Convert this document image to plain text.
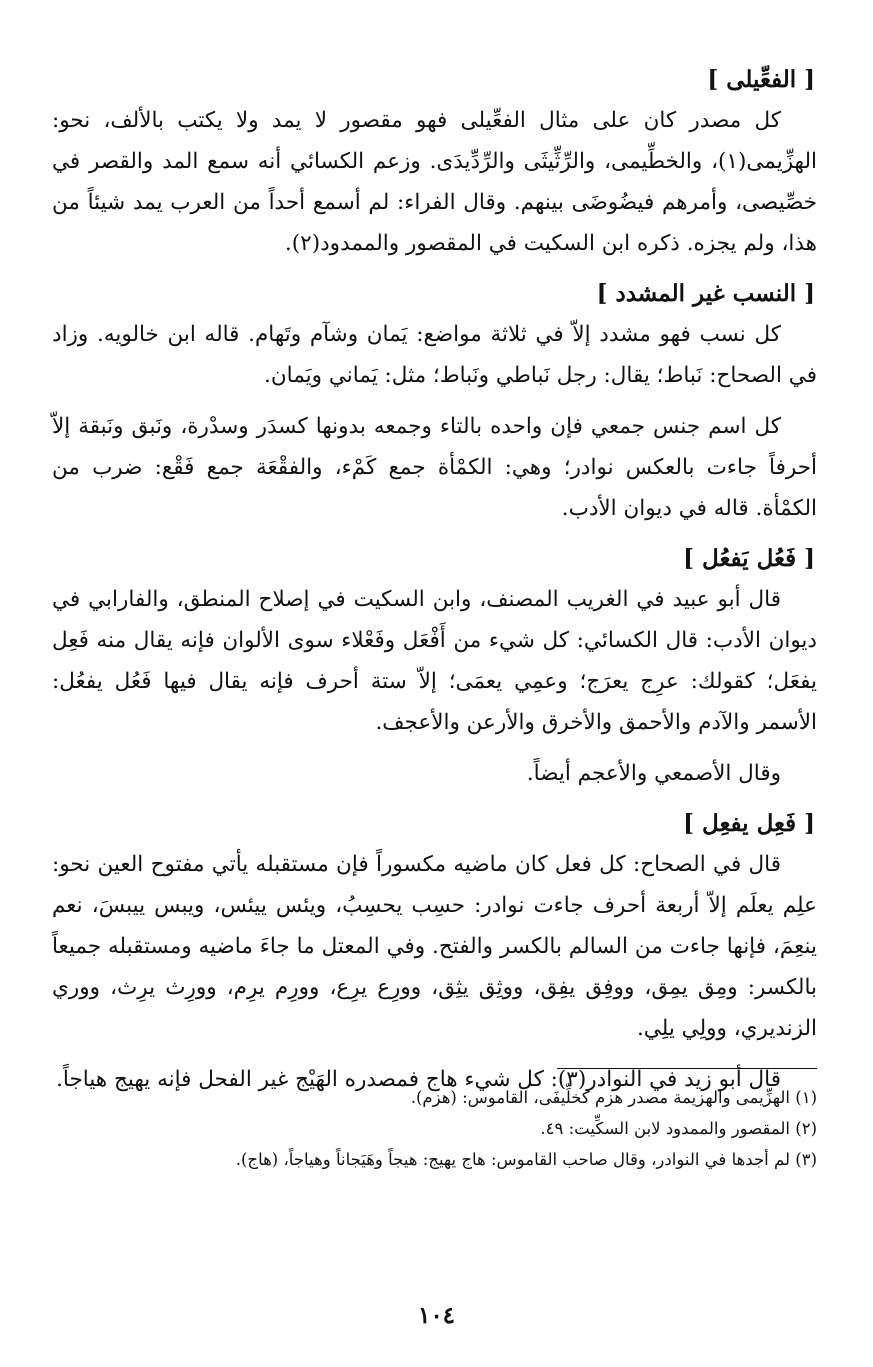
[ الفعِّيلى ]

كل مصدر كان على مثال الفعِّيلى فهو مقصور لا يمد ولا يكتب بالألف، نحو: الهزِّيمى(١)، والخطِّيمى، والرِّثِّيثَى والرِّدِّيدَى. وزعم الكسائي أنه سمع المد والقصر في خصِّيصى، وأمرهم فيضُوضَى بينهم. وقال الفراء: لم أسمع أحداً من العرب يمد شيئاً من هذا، ولم يجزه. ذكره ابن السكيت في المقصور والممدود(٢).

[ النسب غير المشدد ]

كل نسب فهو مشدد إلاّ في ثلاثة مواضع: يَمان وشآم وتَهام. قاله ابن خالويه. وزاد في الصحاح: نَباط؛ يقال: رجل نَباطي ونَباط؛ مثل: يَماني ويَمان.

كل اسم جنس جمعي فإن واحده بالتاء وجمعه بدونها كسدَر وسدْرة، ونَبق ونَبقة إلاّ أحرفاً جاءت بالعكس نوادر؛ وهي: الكمْأة جمع كَمْء، والفقْعَة جمع فَقْع: ضرب من الكمْأة. قاله في ديوان الأدب.

[ فَعُل يَفعُل ]

قال أبو عبيد في الغريب المصنف، وابن السكيت في إصلاح المنطق، والفارابي في ديوان الأدب: قال الكسائي: كل شيء من أَفْعَل وفَعْلاء سوى الألوان فإنه يقال منه فَعِل يفعَل؛ كقولك: عرِج يعرَج؛ وعمِي يعمَى؛ إلاّ ستة أحرف فإنه يقال فيها فَعُل يفعُل: الأسمر والآدم والأحمق والأخرق والأرعن والأعجف.

وقال الأصمعي والأعجم أيضاً.

[ فَعِل يفعِل ]

قال في الصحاح: كل فعل كان ماضيه مكسوراً فإن مستقبله يأتي مفتوح العين نحو: علِم يعلَم إلاّ أربعة أحرف جاءت نوادر: حسِب يحسِبُ، ويئس ييئس، ويبس ييبسَ، نعم ينعِمَ، فإنها جاءت من السالم بالكسر والفتح. وفي المعتل ما جاءَ ماضيه ومستقبله جميعاً بالكسر: ومِق يمِق، ووفِق يفِق، ووثِق يثِق، وورِع يرِع، وورِم يرِم، وورِث يرِث، ووري الزنديري، وولِي يلِي.

قال أبو زيد في النوادر(٣): كل شيء هاج فمصدره الهَيْج غير الفحل فإنه يهيج هياجاً.

(١) الهزِّيمى والهزيمة مصدر هزم كخلِّيفَى، القاموس: (هزم).
(٢) المقصور والممدود لابن السكِّيت: ٤٩.
(٣) لم أجدها في النوادر، وقال صاحب القاموس: هاج يهيج: هيجاً وهَيَجاناً وهياجاً، (هاج).
١٠٤
